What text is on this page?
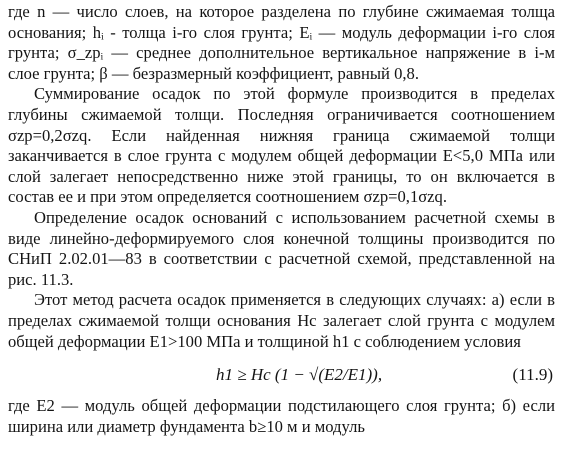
где n — число слоев, на которое разделена по глубине сжимаемая толща основания; hᵢ - толща i-го слоя грунта; Eᵢ — модуль деформации i-го слоя грунта; σ_zpᵢ — среднее дополнительное вертикальное напряжение в i-м слое грунта; β — безразмерный коэффициент, равный 0,8.

Суммирование осадок по этой формуле производится в пределах глубины сжимаемой толщи. Последняя ограничивается соотношением σzp=0,2σzq. Если найденная нижняя граница сжимаемой толщи заканчивается в слое грунта с модулем общей деформации E<5,0 МПа или слой залегает непосредственно ниже этой границы, то он включается в состав ее и при этом определяется соотношением σzp=0,1σzq.

Определение осадок оснований с использованием расчетной схемы в виде линейно-деформируемого слоя конечной толщины производится по СНиП 2.02.01—83 в соответствии с расчетной схемой, представленной на рис. 11.3.

Этот метод расчета осадок применяется в следующих случаях: а) если в пределах сжимаемой толщи основания Hc залегает слой грунта с модулем общей деформации E1>100 МПа и толщиной h1 с соблюдением условия

h1 ≥ Hc (1 − √(E2/E1)),	(11.9)

где E2 — модуль общей деформации подстилающего слоя грунта; б) если ширина или диаметр фундамента b≥10 м и модуль
